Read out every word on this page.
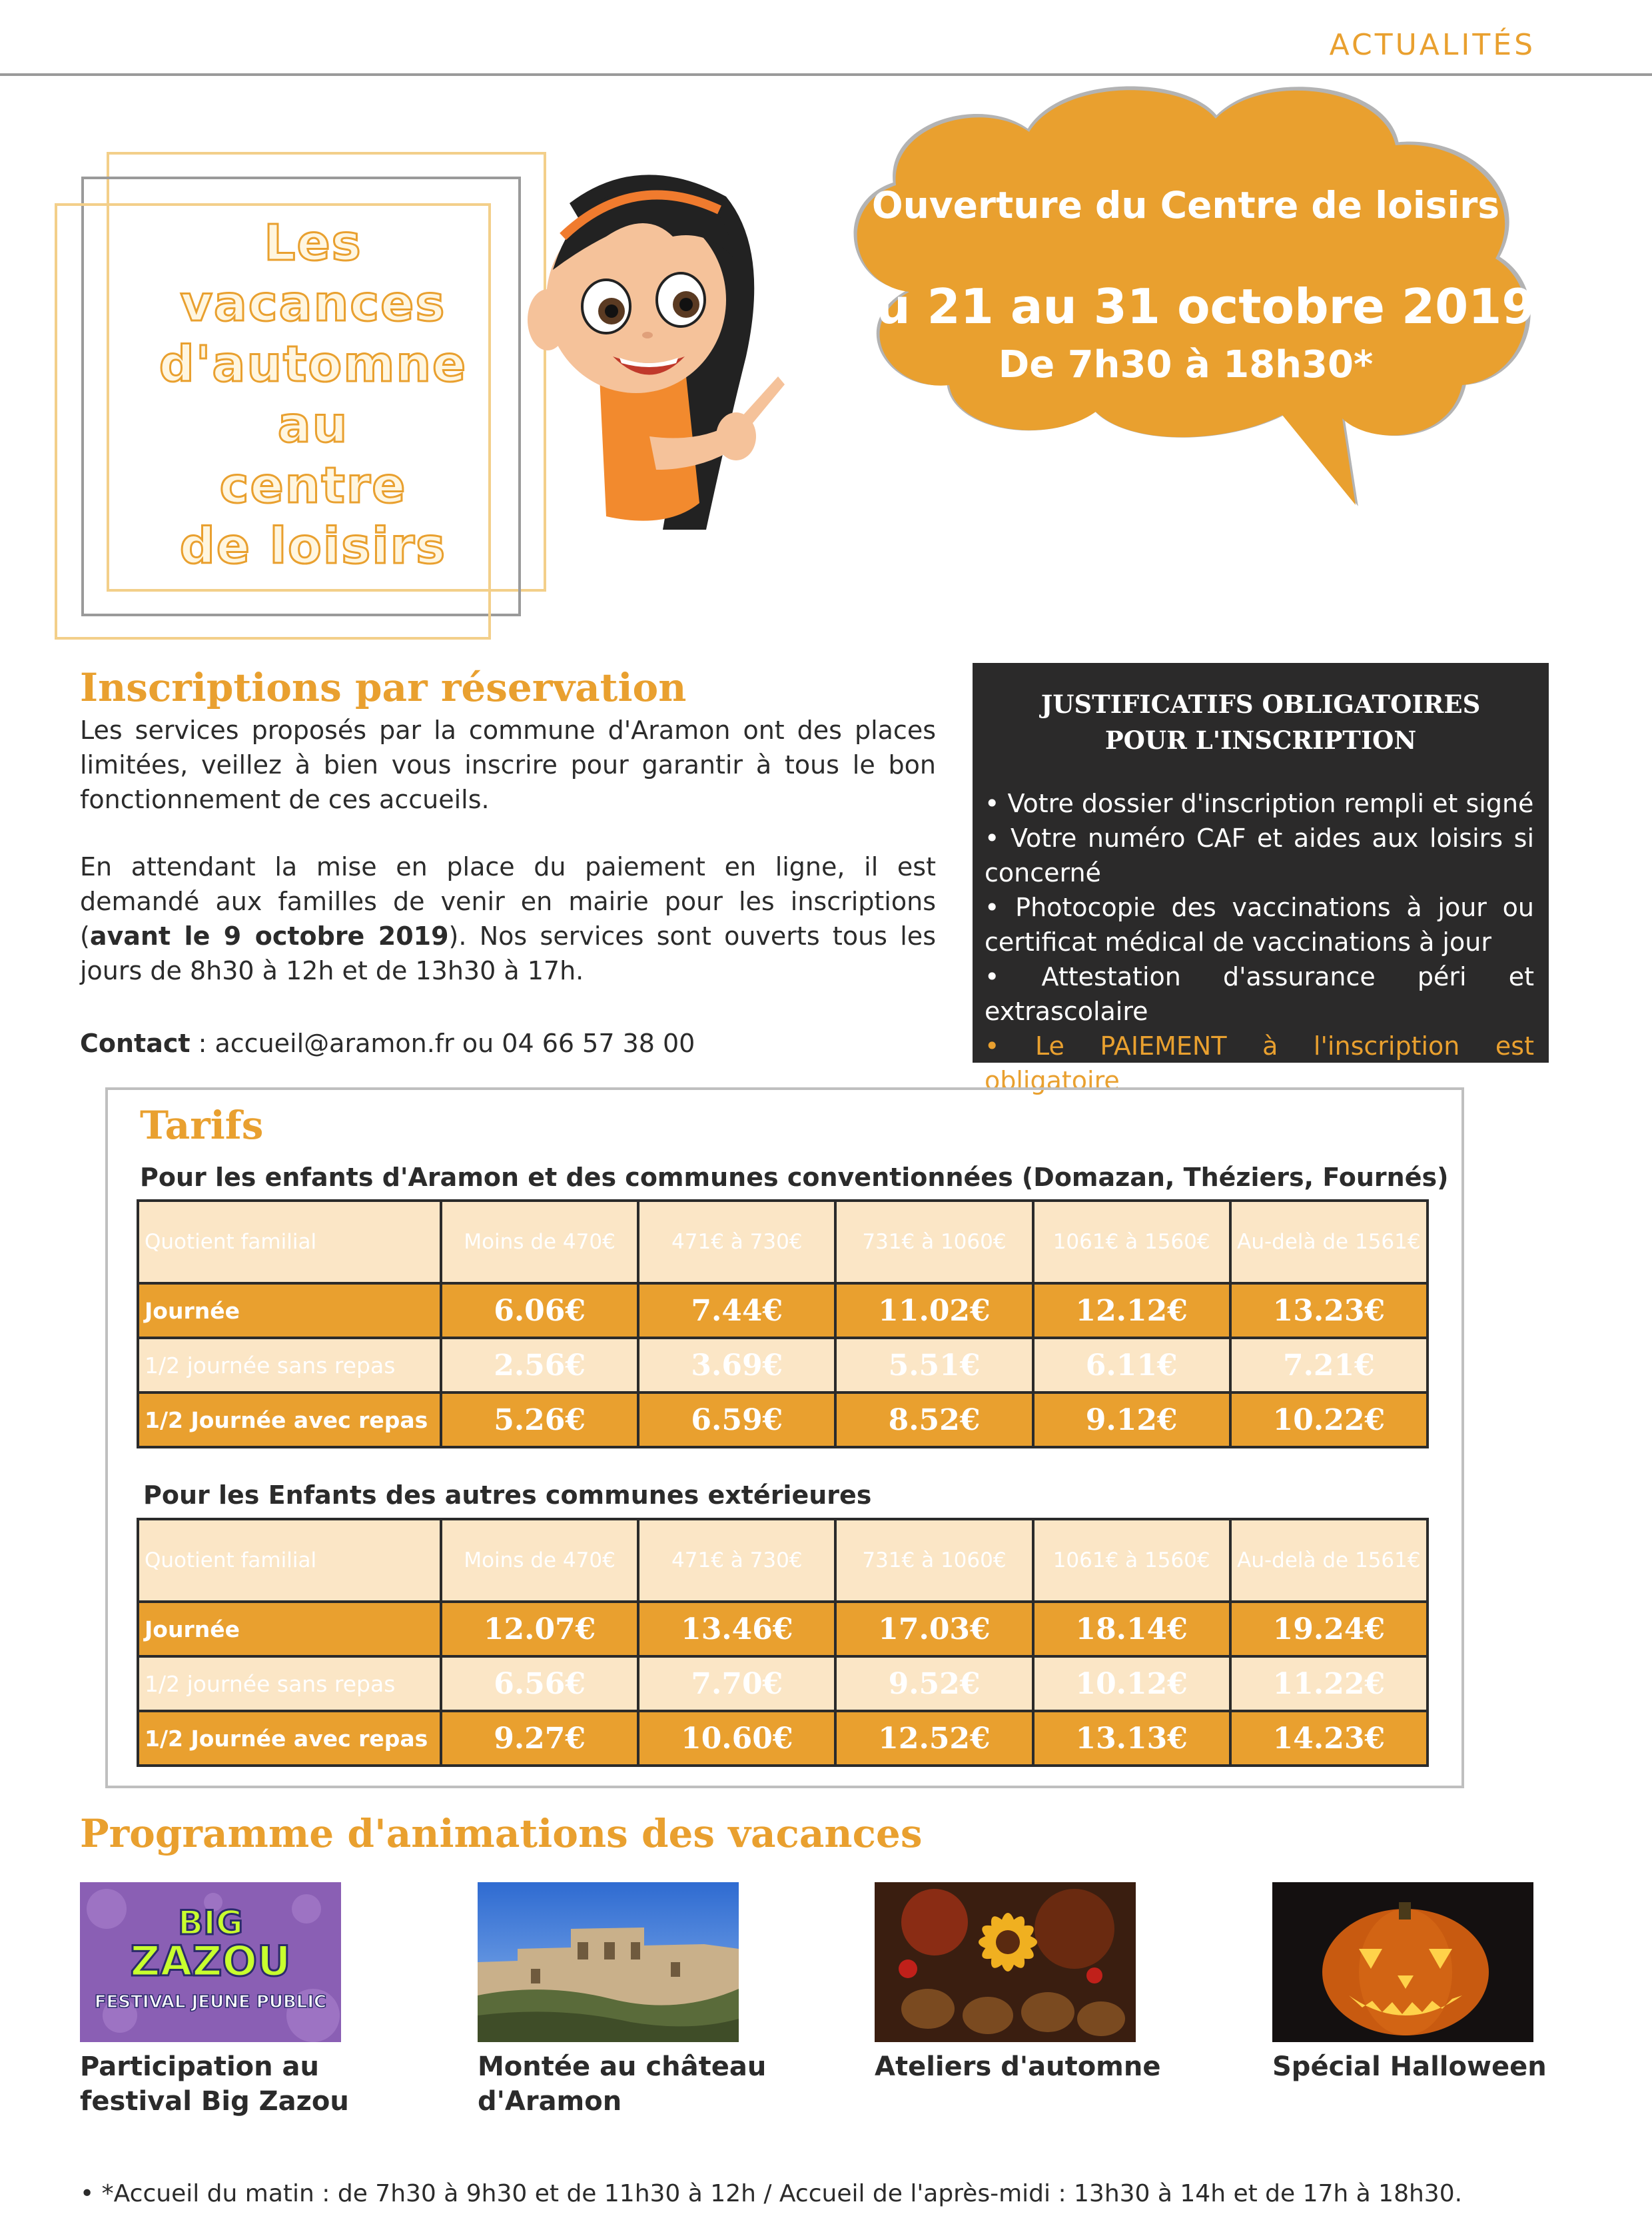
ACTUALITÉS
Les
vacances
d'automne
au
centre
de loisirs
Ouverture du Centre de loisirs
Du 21 au 31 octobre 2019
De 7h30 à 18h30*
Inscriptions par réservation
Les services proposés par la commune d'Aramon ont des places limitées, veillez à bien vous inscrire pour garantir à tous le bon fonctionnement de ces accueils.
En attendant la mise en place du paiement en ligne, il est demandé aux familles de venir en mairie pour les inscriptions (avant le 9 octobre 2019). Nos services sont ouverts tous les jours de 8h30 à 12h et de 13h30 à 17h.
Contact : accueil@aramon.fr ou 04 66 57 38 00
JUSTIFICATIFS OBLIGATOIRES
POUR L'INSCRIPTION
• Votre dossier d'inscription rempli et signé
• Votre numéro CAF et aides aux loisirs si concerné
• Photocopie des vaccinations à jour ou certificat médical de vaccinations à jour
• Attestation d'assurance péri et extrascolaire
• Le PAIEMENT à l'inscription est obligatoire
Tarifs
Pour les enfants d'Aramon et des communes conventionnées (Domazan, Théziers, Fournés)
Quotient familial	Moins de 470€	471€ à 730€	731€ à 1060€	1061€ à 1560€	Au-delà de 1561€
Journée	6.06€	7.44€	11.02€	12.12€	13.23€
1/2 journée sans repas	2.56€	3.69€	5.51€	6.11€	7.21€
1/2 Journée avec repas	5.26€	6.59€	8.52€	9.12€	10.22€
Pour les Enfants des autres communes extérieures
Quotient familial	Moins de 470€	471€ à 730€	731€ à 1060€	1061€ à 1560€	Au-delà de 1561€
Journée	12.07€	13.46€	17.03€	18.14€	19.24€
1/2 journée sans repas	6.56€	7.70€	9.52€	10.12€	11.22€
1/2 Journée avec repas	9.27€	10.60€	12.52€	13.13€	14.23€
Programme d'animations des vacances
BIG
ZAZOU
FESTIVAL JEUNE PUBLIC
Participation au festival Big Zazou
Montée au château d'Aramon
Ateliers d'automne	Spécial Halloween
• *Accueil du matin : de 7h30 à 9h30 et de 11h30 à 12h / Accueil de l'après-midi : 13h30 à 14h et de 17h à 18h30.
